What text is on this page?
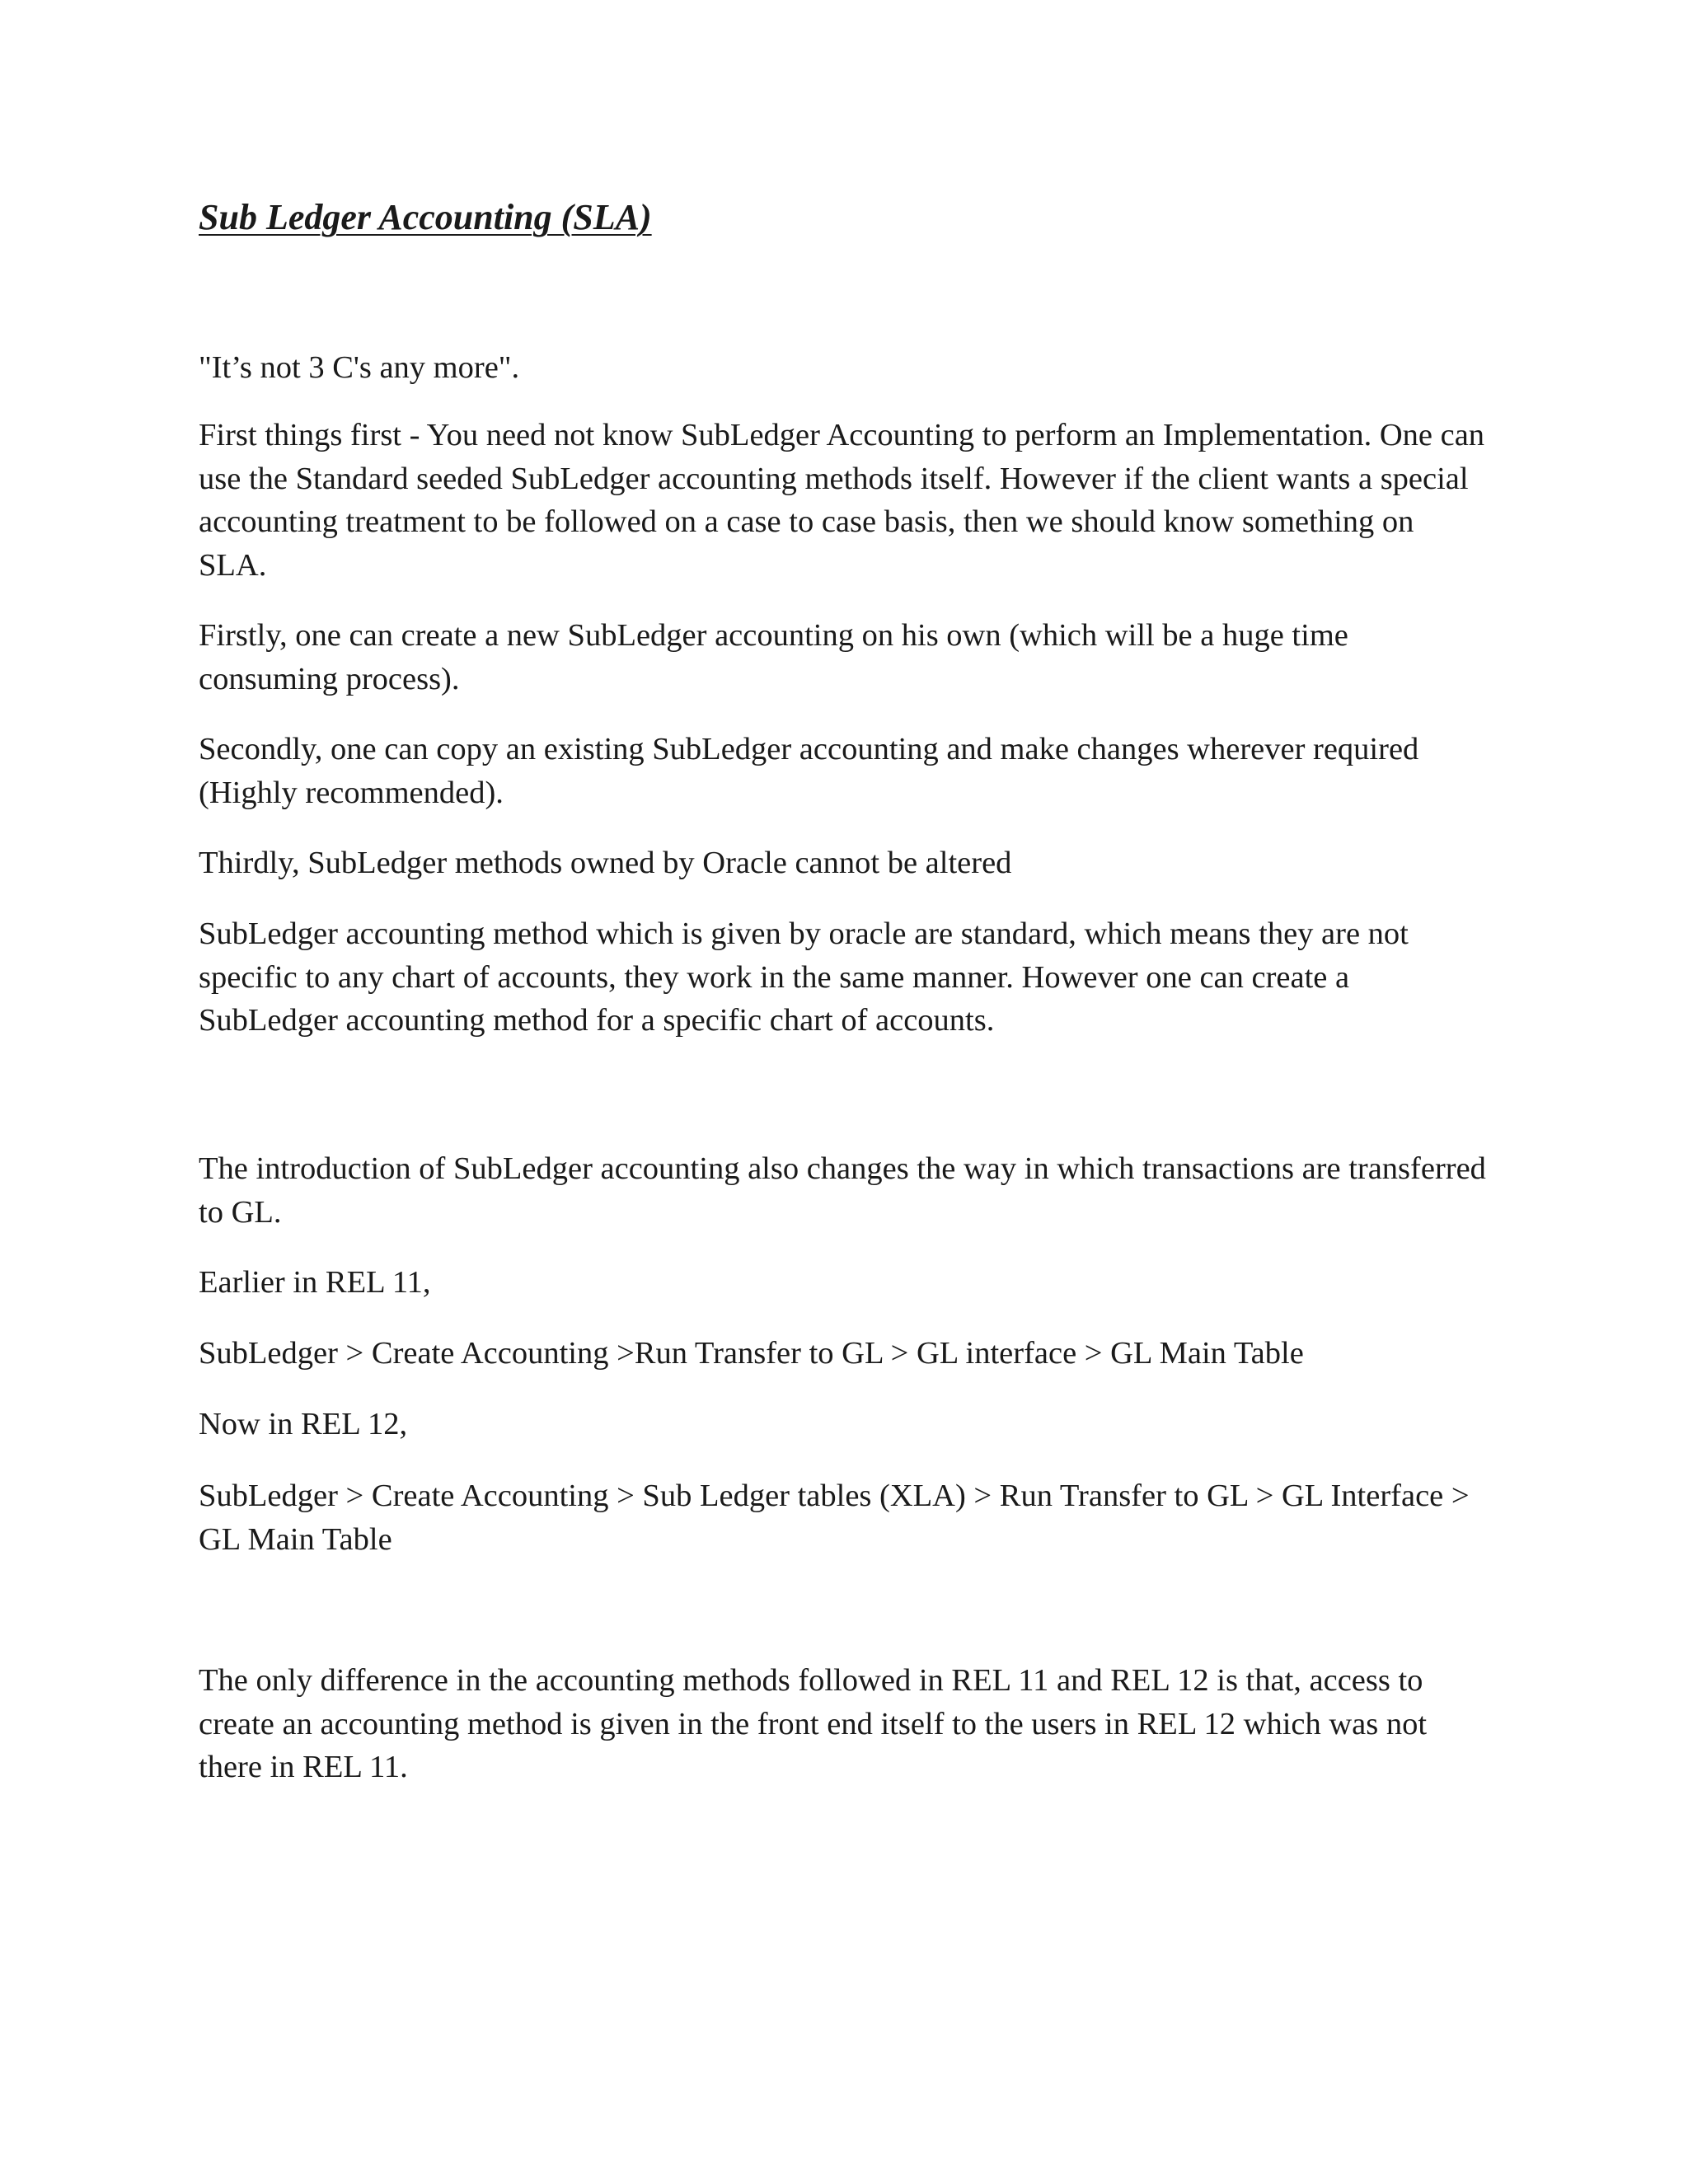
Sub Ledger Accounting (SLA)

"It’s not 3 C's any more".

First things first - You need not know SubLedger Accounting to perform an Implementation. One can use the Standard seeded SubLedger accounting methods itself. However if the client wants a special accounting treatment to be followed on a case to case basis, then we should know something on SLA.

Firstly, one can create a new SubLedger accounting on his own (which will be a huge time consuming process).

Secondly, one can copy an existing SubLedger accounting and make changes wherever required (Highly recommended).

Thirdly, SubLedger methods owned by Oracle cannot be altered

SubLedger accounting method which is given by oracle are standard, which means they are not specific to any chart of accounts, they work in the same manner. However one can create a SubLedger accounting method for a specific chart of accounts.

The introduction of SubLedger accounting also changes the way in which transactions are transferred to GL.

Earlier in REL 11,

SubLedger > Create Accounting >Run Transfer to GL > GL interface > GL Main Table

Now in REL 12,

SubLedger > Create Accounting > Sub Ledger tables (XLA) > Run Transfer to GL > GL Interface > GL Main Table

The only difference in the accounting methods followed in REL 11 and REL 12 is that, access to create an accounting method is given in the front end itself to the users in REL 12 which was not there in REL 11.
